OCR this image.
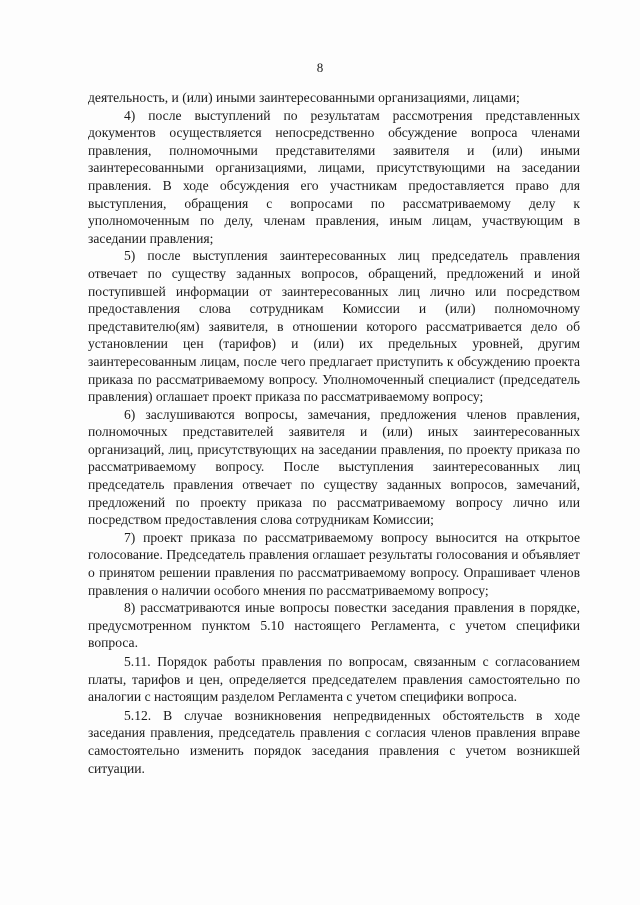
8

деятельность, и (или) иными заинтересованными организациями, лицами;

4) после выступлений по результатам рассмотрения представленных документов осуществляется непосредственно обсуждение вопроса членами правления, полномочными представителями заявителя и (или) иными заинтересованными организациями, лицами, присутствующими на заседании правления. В ходе обсуждения его участникам предоставляется право для выступления, обращения с вопросами по рассматриваемому делу к уполномоченным по делу, членам правления, иным лицам, участвующим в заседании правления;

5) после выступления заинтересованных лиц председатель правления отвечает по существу заданных вопросов, обращений, предложений и иной поступившей информации от заинтересованных лиц лично или посредством предоставления слова сотрудникам Комиссии и (или) полномочному представителю(ям) заявителя, в отношении которого рассматривается дело об установлении цен (тарифов) и (или) их предельных уровней, другим заинтересованным лицам, после чего предлагает приступить к обсуждению проекта приказа по рассматриваемому вопросу. Уполномоченный специалист (председатель правления) оглашает проект приказа по рассматриваемому вопросу;

6) заслушиваются вопросы, замечания, предложения членов правления, полномочных представителей заявителя и (или) иных заинтересованных организаций, лиц, присутствующих на заседании правления, по проекту приказа по рассматриваемому вопросу. После выступления заинтересованных лиц председатель правления отвечает по существу заданных вопросов, замечаний, предложений по проекту приказа по рассматриваемому вопросу лично или посредством предоставления слова сотрудникам Комиссии;

7) проект приказа по рассматриваемому вопросу выносится на открытое голосование. Председатель правления оглашает результаты голосования и объявляет о принятом решении правления по рассматриваемому вопросу. Опрашивает членов правления о наличии особого мнения по рассматриваемому вопросу;

8) рассматриваются иные вопросы повестки заседания правления в порядке, предусмотренном пунктом 5.10 настоящего Регламента, с учетом специфики вопроса.

5.11. Порядок работы правления по вопросам, связанным с согласованием платы, тарифов и цен, определяется председателем правления самостоятельно по аналогии с настоящим разделом Регламента с учетом специфики вопроса.

5.12. В случае возникновения непредвиденных обстоятельств в ходе заседания правления, председатель правления с согласия членов правления вправе самостоятельно изменить порядок заседания правления с учетом возникшей ситуации.
